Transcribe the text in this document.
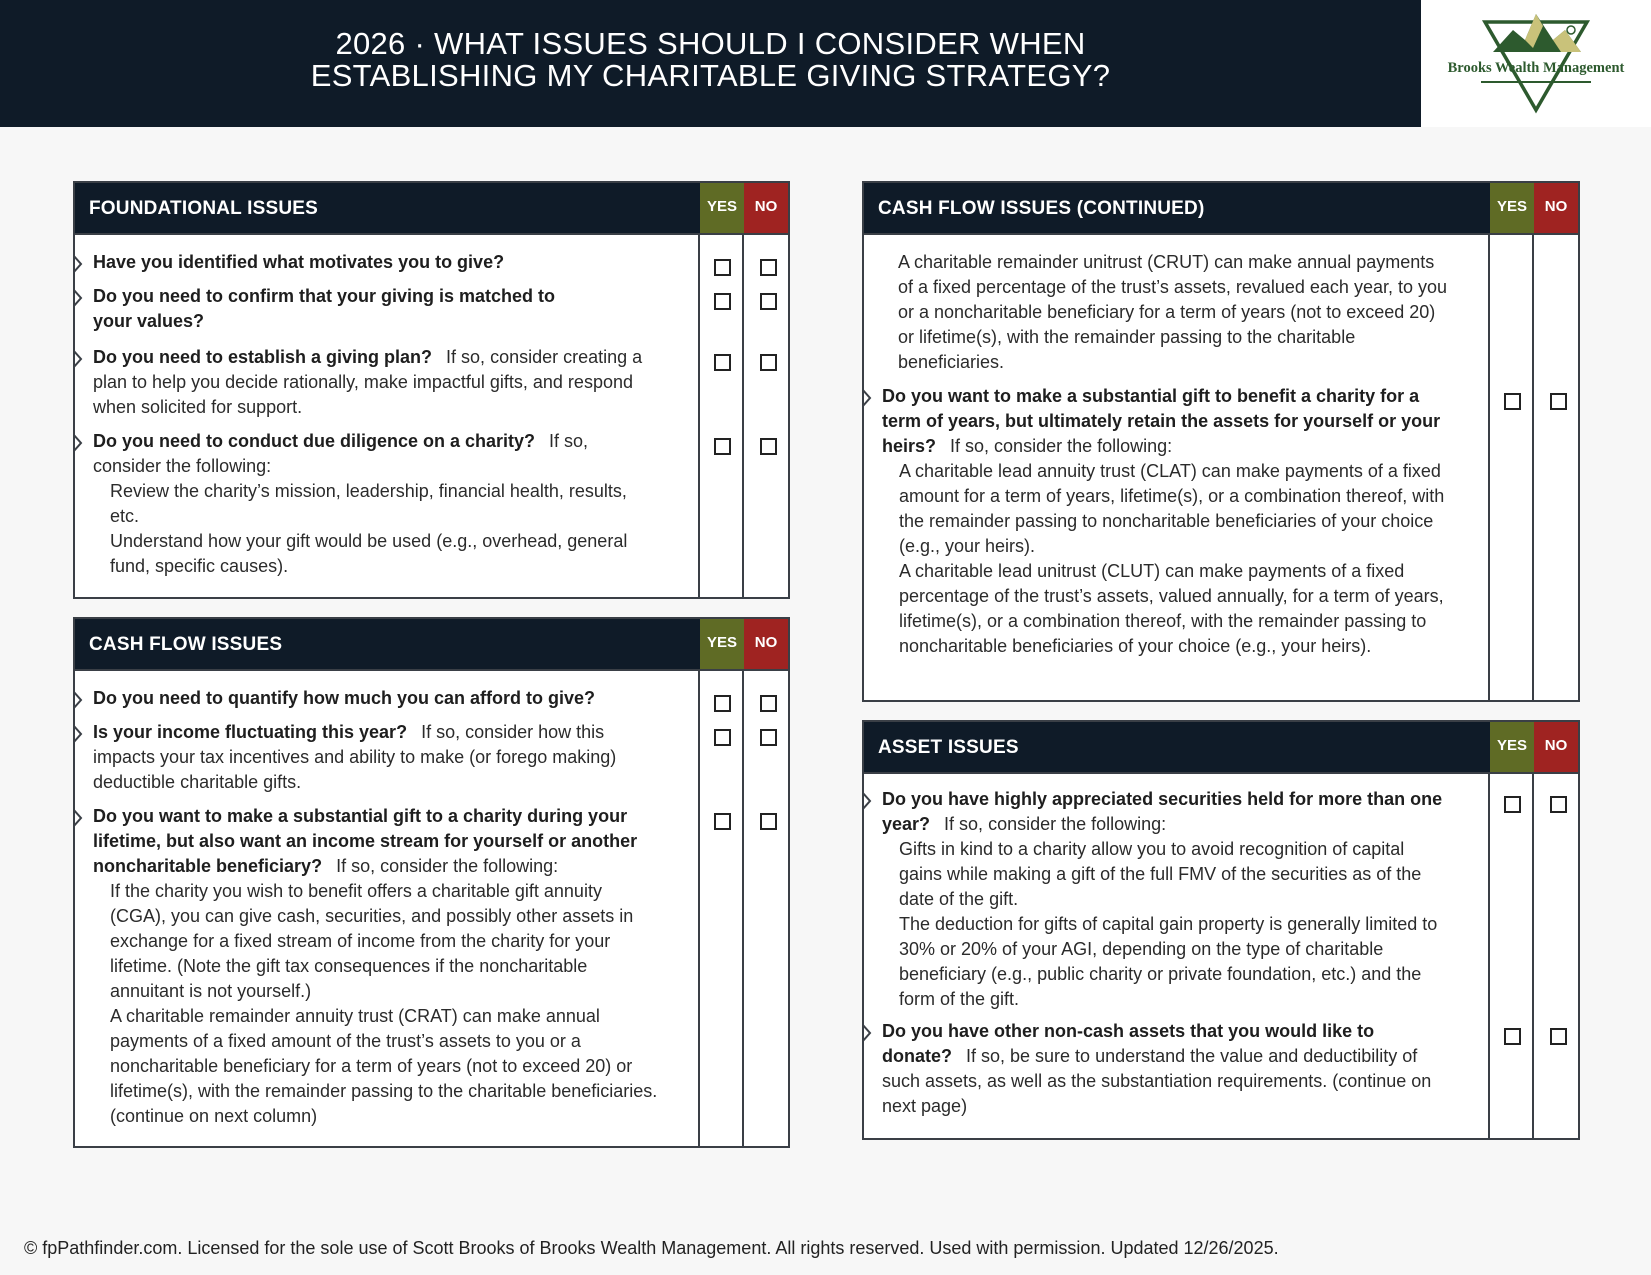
2026 · WHAT ISSUES SHOULD I CONSIDER WHEN
ESTABLISHING MY CHARITABLE GIVING STRATEGY?	Brooks Wealth Management
FOUNDATIONAL ISSUES	YES	NO
Have you identified what motivates you to give?
Do you need to confirm that your giving is matched to your values?
Do you need to establish a giving plan? If so, consider creating a plan to help you decide rationally, make impactful gifts, and respond when solicited for support.
Do you need to conduct due diligence on a charity? If so, consider the following:
Review the charity’s mission, leadership, financial health, results, etc.
Understand how your gift would be used (e.g., overhead, general fund, specific causes).
CASH FLOW ISSUES	YES	NO
Do you need to quantify how much you can afford to give?
Is your income fluctuating this year? If so, consider how this impacts your tax incentives and ability to make (or forego making) deductible charitable gifts.
Do you want to make a substantial gift to a charity during your lifetime, but also want an income stream for yourself or another noncharitable beneficiary? If so, consider the following:
If the charity you wish to benefit offers a charitable gift annuity (CGA), you can give cash, securities, and possibly other assets in exchange for a fixed stream of income from the charity for your lifetime. (Note the gift tax consequences if the noncharitable annuitant is not yourself.)
A charitable remainder annuity trust (CRAT) can make annual payments of a fixed amount of the trust’s assets to you or a noncharitable beneficiary for a term of years (not to exceed 20) or lifetime(s), with the remainder passing to the charitable beneficiaries. (continue on next column)
CASH FLOW ISSUES (CONTINUED)	YES	NO
A charitable remainder unitrust (CRUT) can make annual payments of a fixed percentage of the trust’s assets, revalued each year, to you or a noncharitable beneficiary for a term of years (not to exceed 20) or lifetime(s), with the remainder passing to the charitable beneficiaries.
Do you want to make a substantial gift to benefit a charity for a term of years, but ultimately retain the assets for yourself or your heirs? If so, consider the following:
A charitable lead annuity trust (CLAT) can make payments of a fixed amount for a term of years, lifetime(s), or a combination thereof, with the remainder passing to noncharitable beneficiaries of your choice (e.g., your heirs).
A charitable lead unitrust (CLUT) can make payments of a fixed percentage of the trust’s assets, valued annually, for a term of years, lifetime(s), or a combination thereof, with the remainder passing to noncharitable beneficiaries of your choice (e.g., your heirs).
ASSET ISSUES	YES	NO
Do you have highly appreciated securities held for more than one year? If so, consider the following:
Gifts in kind to a charity allow you to avoid recognition of capital gains while making a gift of the full FMV of the securities as of the date of the gift.
The deduction for gifts of capital gain property is generally limited to 30% or 20% of your AGI, depending on the type of charitable beneficiary (e.g., public charity or private foundation, etc.) and the form of the gift.
Do you have other non-cash assets that you would like to donate? If so, be sure to understand the value and deductibility of such assets, as well as the substantiation requirements. (continue on next page)
© fpPathfinder.com. Licensed for the sole use of Scott Brooks of Brooks Wealth Management. All rights reserved. Used with permission. Updated 12/26/2025.
